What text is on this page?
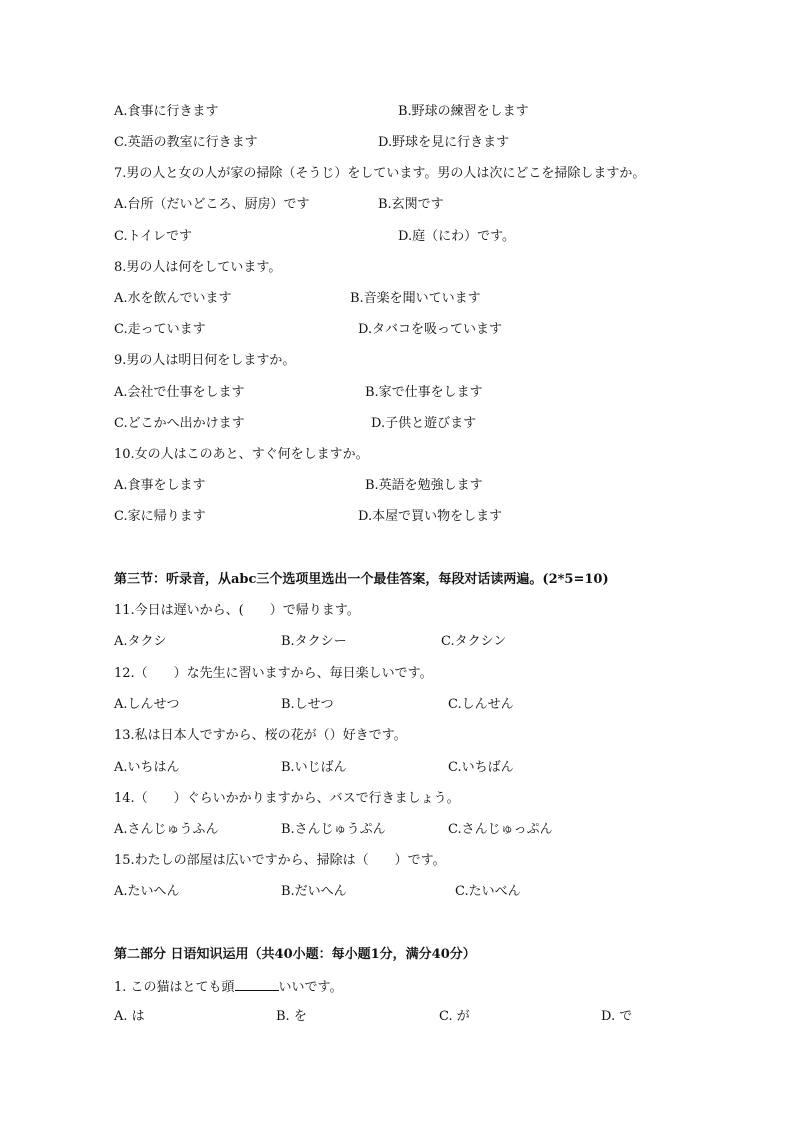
A.食事に行きます	B.野球の練習をします
C.英語の教室に行きます	D.野球を見に行きます
7.男の人と女の人が家の掃除（そうじ）をしています。男の人は次にどこを掃除しますか。
A.台所（だいどころ、厨房）です	B.玄関です
C.トイレです	D.庭（にわ）です。
8.男の人は何をしています。
A.水を飲んでいます	B.音楽を聞いています
C.走っています	D.タバコを吸っています
9.男の人は明日何をしますか。
A.会社で仕事をします	B.家で仕事をします
C.どこかへ出かけます	D.子供と遊びます
10.女の人はこのあと、すぐ何をしますか。
A.食事をします	B.英語を勉強します
C.家に帰ります	D.本屋で買い物をします
第三节：听录音，从abc三个选项里选出一个最佳答案，每段对话读两遍。(2*5=10)
11.今日は遅いから、(　　）で帰ります。
A.タクシ	B.タクシー	C.タクシン
12.（　　）な先生に習いますから、毎日楽しいです。
A.しんせつ	B.しせつ	C.しんせん
13.私は日本人ですから、桜の花が（）好きです。
A.いちはん	B.いじばん	C.いちばん
14.（　　）ぐらいかかりますから、バスで行きましょう。
A.さんじゅうふん	B.さんじゅうぷん	C.さんじゅっぷん
15.わたしの部屋は広いですから、掃除は（　　）です。
A.たいへん	B.だいへん	C.たいべん
第二部分 日语知识运用（共40小题：每小题1分，满分40分）
1. この猫はとても頭	いいです。
A. は	B. を	C. が	D. で
